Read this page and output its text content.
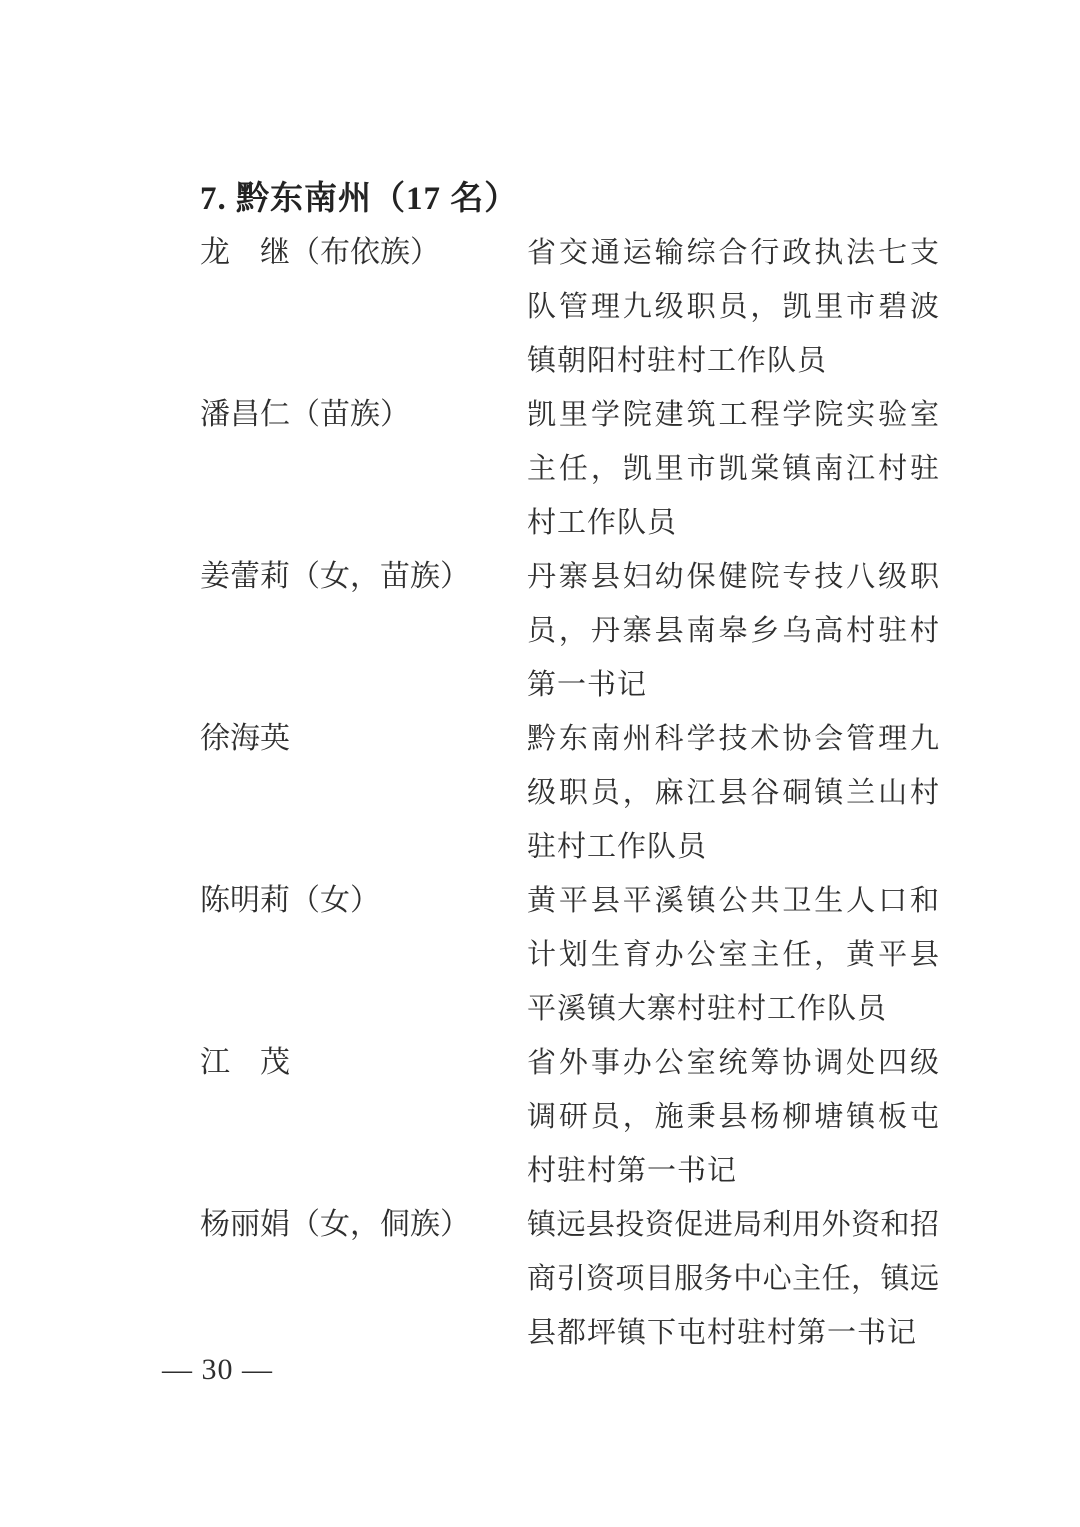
7. 黔东南州（17 名）
龙　继（布依族）	省交通运输综合行政执法七支
队管理九级职员，凯里市碧波
镇朝阳村驻村工作队员
潘昌仁（苗族）	凯里学院建筑工程学院实验室
主任，凯里市凯棠镇南江村驻
村工作队员
姜蕾莉（女，苗族）	丹寨县妇幼保健院专技八级职
员，丹寨县南皋乡乌高村驻村
第一书记
徐海英	黔东南州科学技术协会管理九
级职员，麻江县谷硐镇兰山村
驻村工作队员
陈明莉（女）	黄平县平溪镇公共卫生人口和
计划生育办公室主任，黄平县
平溪镇大寨村驻村工作队员
江　茂	省外事办公室统筹协调处四级
调研员，施秉县杨柳塘镇板屯
村驻村第一书记
杨丽娟（女，侗族）	镇远县投资促进局利用外资和招
商引资项目服务中心主任，镇远
县都坪镇下屯村驻村第一书记
— 30 —
